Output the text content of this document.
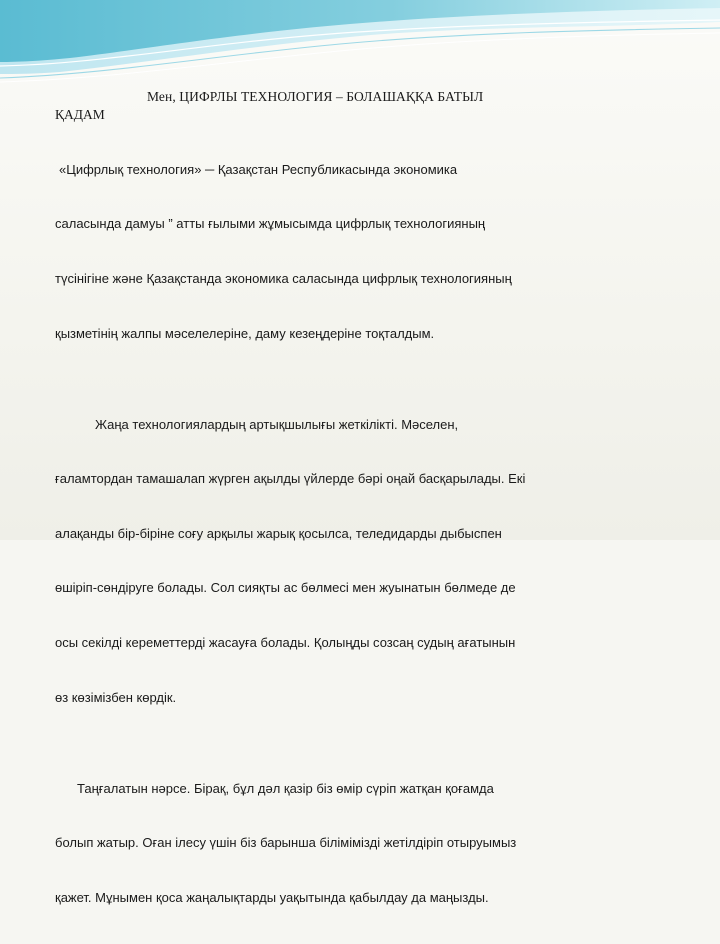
Мен, ЦИФРЛЫ ТЕХНОЛОГИЯ – БОЛАШАҚҚА БАТЫЛ

ҚАДАМ

«Цифрлық технология» ─ Қазақстан Республикасында экономика

саласында дамуы ” атты ғылыми жұмысымда цифрлық технологияның

түсінігіне және Қазақстанда экономика саласында цифрлық технологияның

қызметінің жалпы мәселелеріне, даму кезеңдеріне тоқталдым.

Жаңа технологиялардың артықшылығы жеткілікті. Мәселен,

ғаламтордан тамашалап жүрген ақылды үйлерде бәрі оңай басқарылады. Екі

алақанды бір-біріне соғу арқылы жарық қосылса, теледидарды дыбыспен

өшіріп-сөндіруге болады. Сол сияқты ас бөлмесі мен жуынатын бөлмеде де

осы секілді кереметтерді жасауға болады. Қолыңды созсаң судың ағатынын

өз көзімізбен көрдік.

Таңғалатын нәрсе. Бірақ, бұл дәл қазір біз өмір сүріп жатқан қоғамда

болып жатыр. Оған ілесу үшін біз барынша білімімізді жетілдіріп отыруымыз

қажет. Мұнымен қоса жаңалықтарды уақытында қабылдау да маңызды.
